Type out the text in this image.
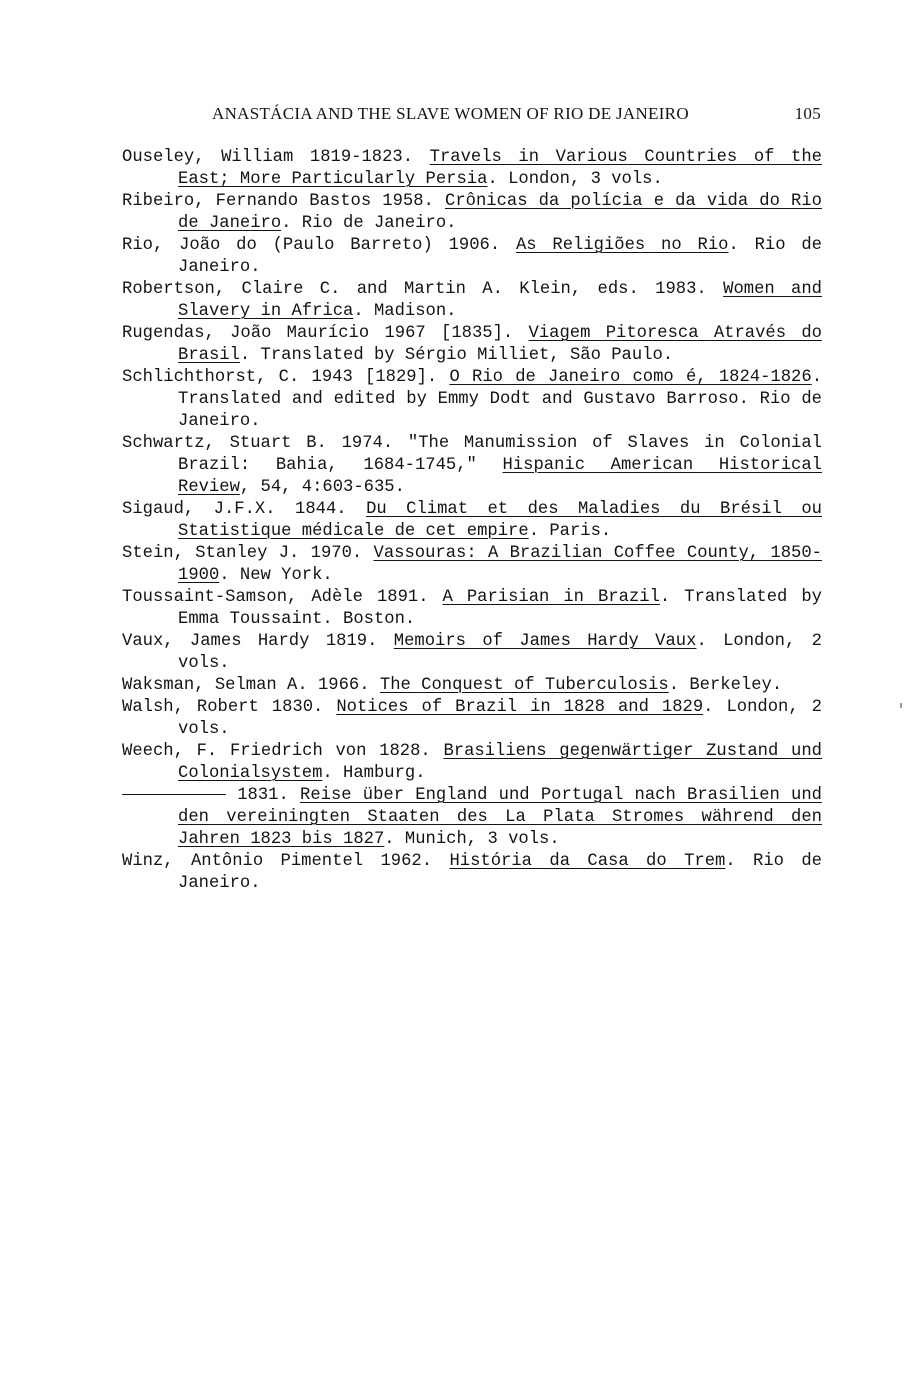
ANASTÁCIA AND THE SLAVE WOMEN OF RIO DE JANEIRO	105

Ouseley, William 1819-1823. Travels in Various Countries of the East; More Particularly Persia. London, 3 vols.

Ribeiro, Fernando Bastos 1958. Crônicas da polícia e da vida do Rio de Janeiro. Rio de Janeiro.

Rio, João do (Paulo Barreto) 1906. As Religiões no Rio. Rio de Janeiro.

Robertson, Claire C. and Martin A. Klein, eds. 1983. Women and Slavery in Africa. Madison.

Rugendas, João Maurício 1967 [1835]. Viagem Pitoresca Através do Brasil. Translated by Sérgio Milliet, São Paulo.

Schlichthorst, C. 1943 [1829]. O Rio de Janeiro como é, 1824-1826. Translated and edited by Emmy Dodt and Gustavo Barroso. Rio de Janeiro.

Schwartz, Stuart B. 1974. "The Manumission of Slaves in Colonial Brazil: Bahia, 1684-1745," Hispanic American Historical Review, 54, 4:603-635.

Sigaud, J.F.X. 1844. Du Climat et des Maladies du Brésil ou Statistique médicale de cet empire. Paris.

Stein, Stanley J. 1970. Vassouras: A Brazilian Coffee County, 1850-1900. New York.

Toussaint-Samson, Adèle 1891. A Parisian in Brazil. Translated by Emma Toussaint. Boston.

Vaux, James Hardy 1819. Memoirs of James Hardy Vaux. London, 2 vols.

Waksman, Selman A. 1966. The Conquest of Tuberculosis. Berkeley.

Walsh, Robert 1830. Notices of Brazil in 1828 and 1829. London, 2 vols.

Weech, F. Friedrich von 1828. Brasiliens gegenwärtiger Zustand und Colonialsystem. Hamburg.

1831. Reise über England und Portugal nach Brasilien und den vereiningten Staaten des La Plata Stromes während den Jahren 1823 bis 1827. Munich, 3 vols.

Winz, Antônio Pimentel 1962. História da Casa do Trem. Rio de Janeiro.
